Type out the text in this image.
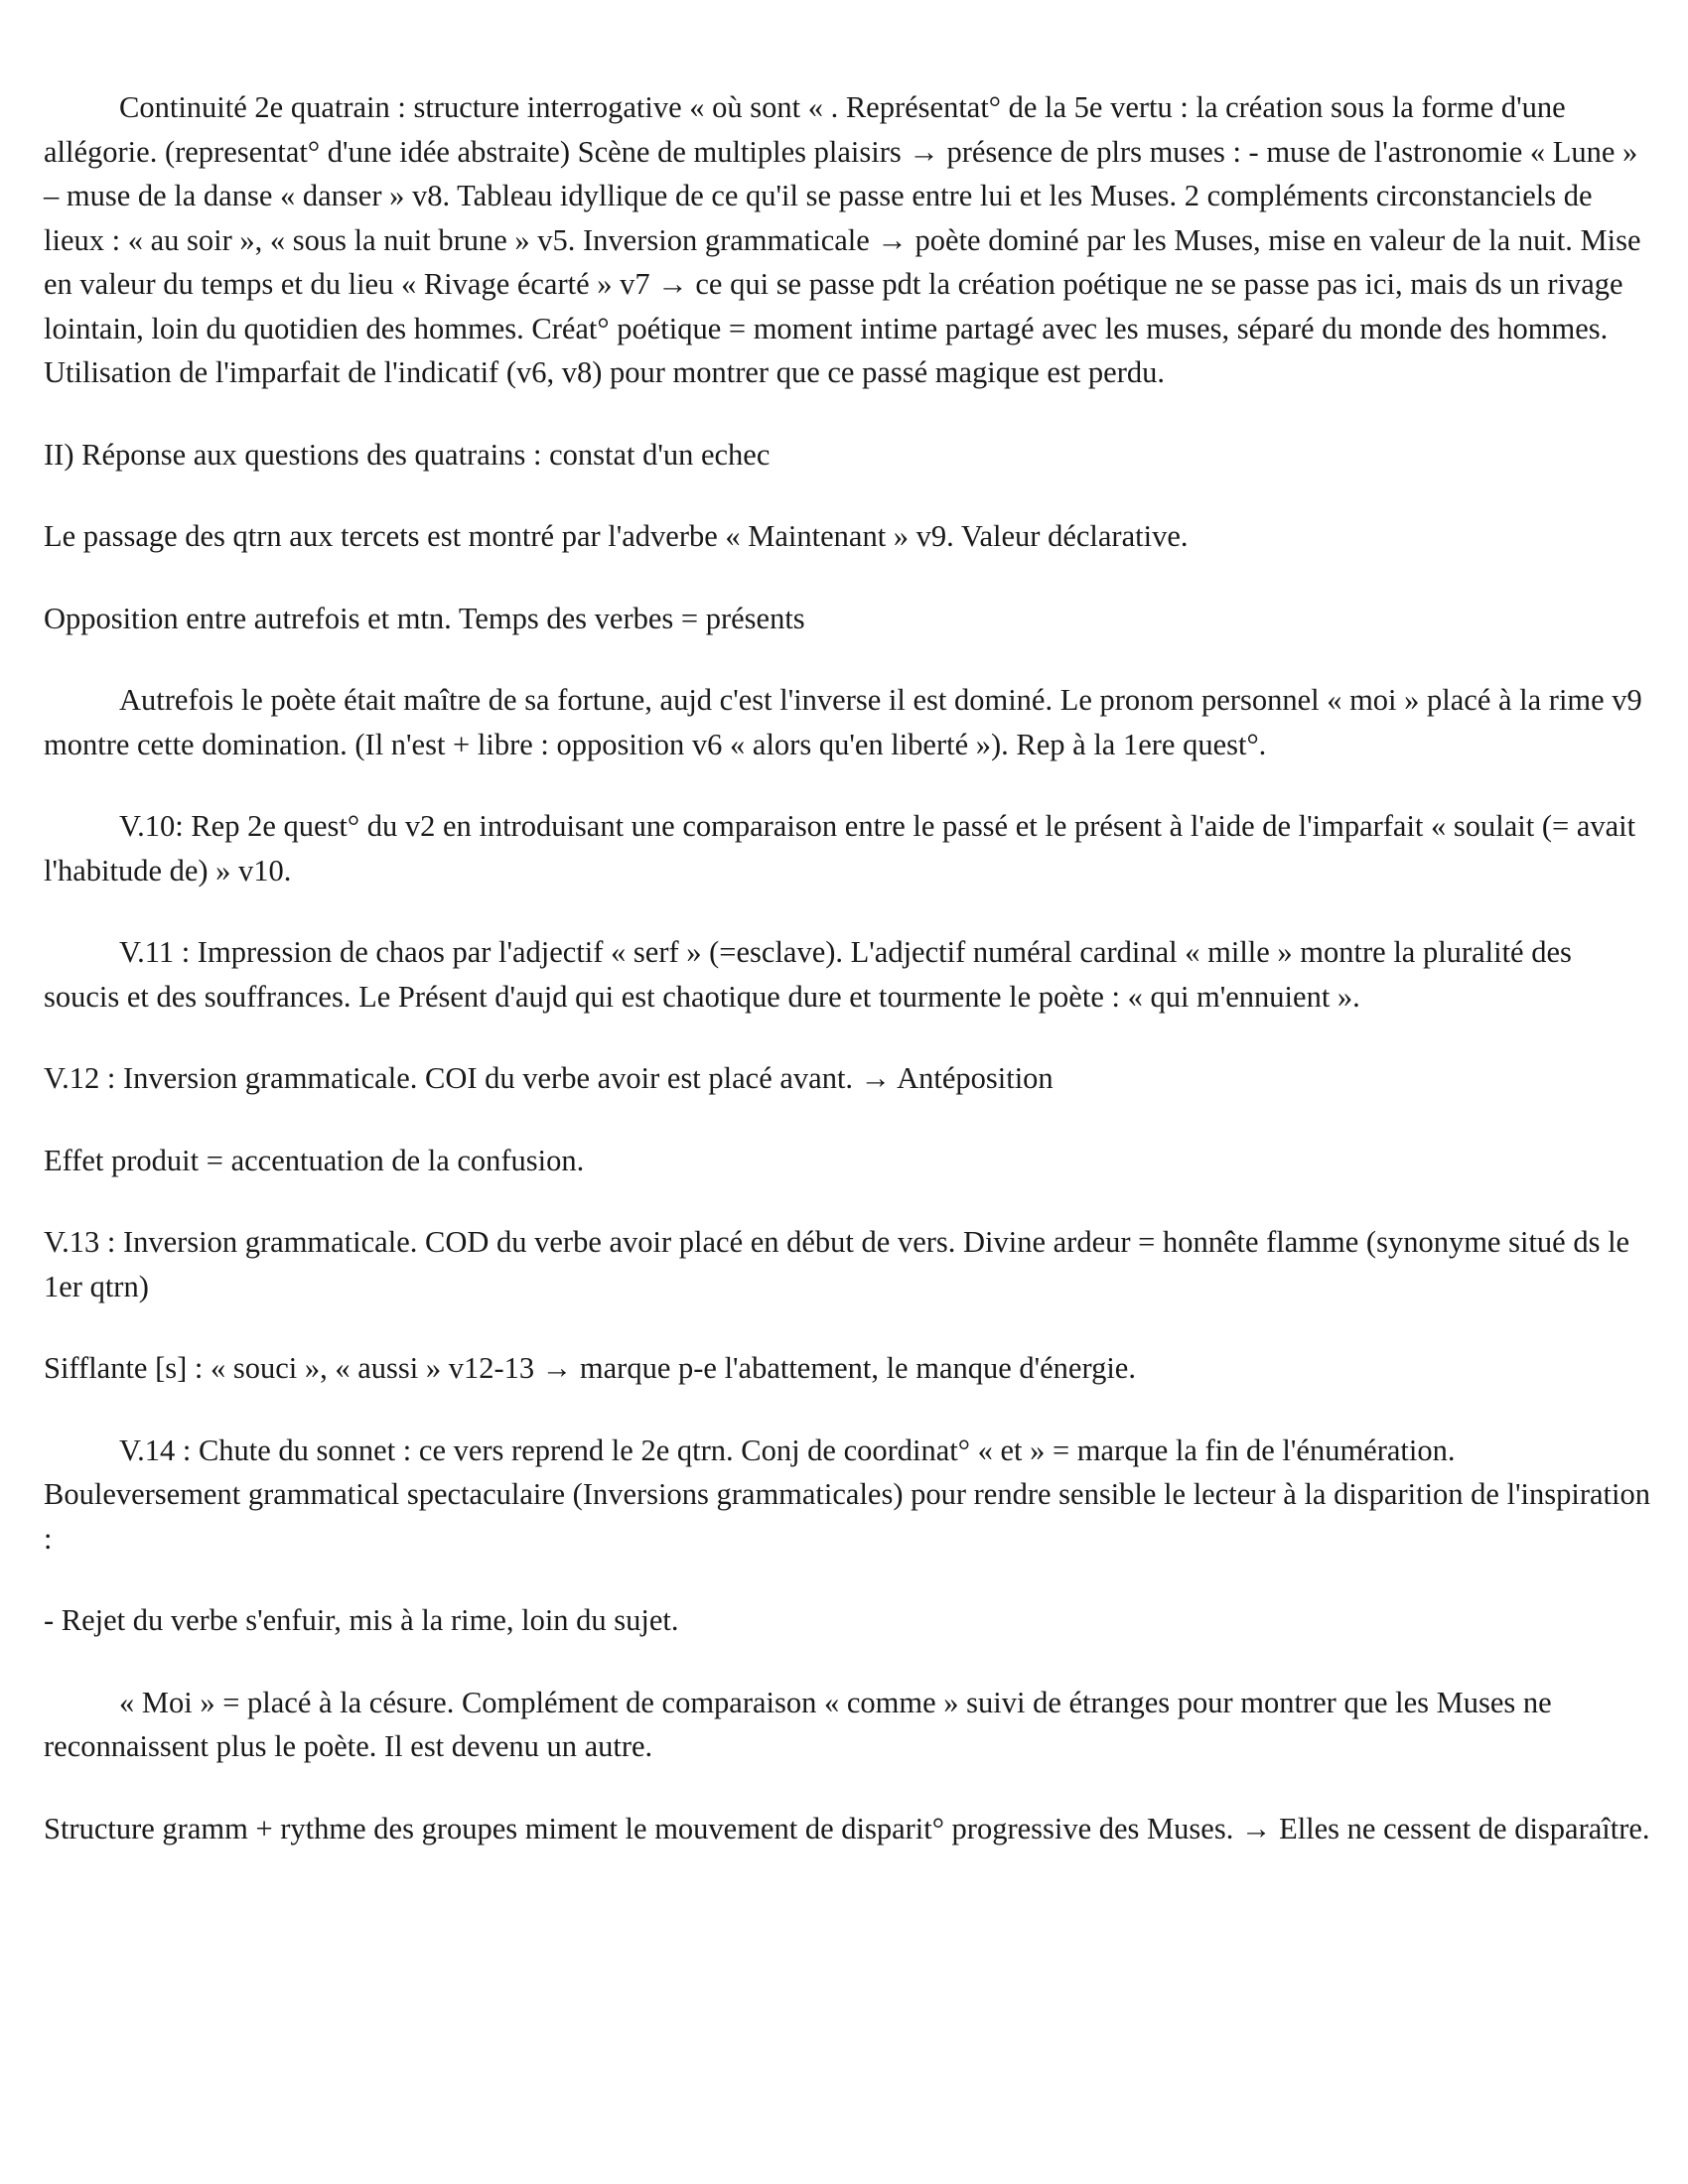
Continuité 2e quatrain : structure interrogative « où sont « . Représentat° de la 5e vertu : la création sous la forme d'une allégorie. (representat° d'une idée abstraite) Scène de multiples plaisirs → présence de plrs muses : - muse de l'astronomie « Lune » – muse de la danse « danser » v8. Tableau idyllique de ce qu'il se passe entre lui et les Muses. 2 compléments circonstanciels de lieux : « au soir », « sous la nuit brune » v5. Inversion grammaticale → poète dominé par les Muses, mise en valeur de la nuit. Mise en valeur du temps et du lieu « Rivage écarté » v7 → ce qui se passe pdt la création poétique ne se passe pas ici, mais ds un rivage lointain, loin du quotidien des hommes. Créat° poétique = moment intime partagé avec les muses, séparé du monde des hommes. Utilisation de l'imparfait de l'indicatif (v6, v8) pour montrer que ce passé magique est perdu.

II) Réponse aux questions des quatrains : constat d'un echec

Le passage des qtrn aux tercets est montré par l'adverbe « Maintenant » v9. Valeur déclarative.

Opposition entre autrefois et mtn. Temps des verbes = présents

Autrefois le poète était maître de sa fortune, aujd c'est l'inverse il est dominé. Le pronom personnel « moi » placé à la rime v9 montre cette domination. (Il n'est + libre : opposition v6 « alors qu'en liberté »). Rep à la 1ere quest°.

V.10: Rep 2e quest° du v2 en introduisant une comparaison entre le passé et le présent à l'aide de l'imparfait « soulait (= avait l'habitude de) » v10.

V.11 : Impression de chaos par l'adjectif « serf » (=esclave). L'adjectif numéral cardinal « mille » montre la pluralité des soucis et des souffrances. Le Présent d'aujd qui est chaotique dure et tourmente le poète : « qui m'ennuient ».

V.12 : Inversion grammaticale. COI du verbe avoir est placé avant. → Antéposition

Effet produit = accentuation de la confusion.

V.13 : Inversion grammaticale. COD du verbe avoir placé en début de vers. Divine ardeur = honnête flamme (synonyme situé ds le 1er qtrn)

Sifflante [s] : « souci », « aussi » v12-13 → marque p-e l'abattement, le manque d'énergie.

V.14 : Chute du sonnet : ce vers reprend le 2e qtrn. Conj de coordinat° « et » = marque la fin de l'énumération. Bouleversement grammatical spectaculaire (Inversions grammaticales) pour rendre sensible le lecteur à la disparition de l'inspiration :

- Rejet du verbe s'enfuir, mis à la rime, loin du sujet.

« Moi » = placé à la césure. Complément de comparaison « comme » suivi de étranges pour montrer que les Muses ne reconnaissent plus le poète. Il est devenu un autre.

Structure gramm + rythme des groupes miment le mouvement de disparit° progressive des Muses. → Elles ne cessent de disparaître.
